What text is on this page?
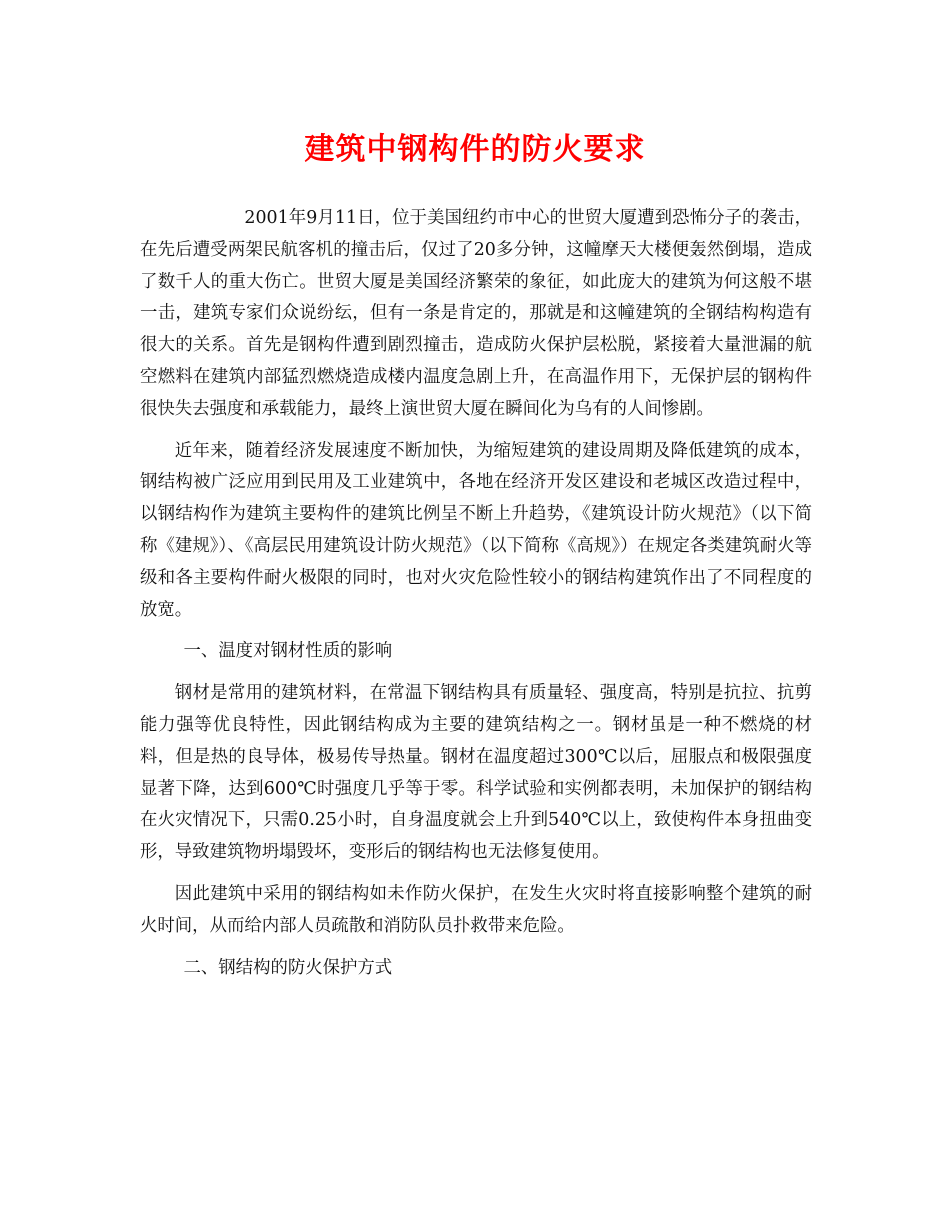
建筑中钢构件的防火要求

2001年9月11日，位于美国纽约市中心的世贸大厦遭到恐怖分子的袭击，在先后遭受两架民航客机的撞击后，仅过了20多分钟，这幢摩天大楼便轰然倒塌，造成了数千人的重大伤亡。世贸大厦是美国经济繁荣的象征，如此庞大的建筑为何这般不堪一击，建筑专家们众说纷纭，但有一条是肯定的，那就是和这幢建筑的全钢结构构造有很大的关系。首先是钢构件遭到剧烈撞击，造成防火保护层松脱，紧接着大量泄漏的航空燃料在建筑内部猛烈燃烧造成楼内温度急剧上升，在高温作用下，无保护层的钢构件很快失去强度和承载能力，最终上演世贸大厦在瞬间化为乌有的人间惨剧。

近年来，随着经济发展速度不断加快，为缩短建筑的建设周期及降低建筑的成本，钢结构被广泛应用到民用及工业建筑中，各地在经济开发区建设和老城区改造过程中，以钢结构作为建筑主要构件的建筑比例呈不断上升趋势，《建筑设计防火规范》（以下简称《建规》）、《高层民用建筑设计防火规范》（以下简称《高规》）在规定各类建筑耐火等级和各主要构件耐火极限的同时，也对火灾危险性较小的钢结构建筑作出了不同程度的放宽。

一、温度对钢材性质的影响

钢材是常用的建筑材料，在常温下钢结构具有质量轻、强度高，特别是抗拉、抗剪能力强等优良特性，因此钢结构成为主要的建筑结构之一。钢材虽是一种不燃烧的材料，但是热的良导体，极易传导热量。钢材在温度超过300℃以后，屈服点和极限强度显著下降，达到600℃时强度几乎等于零。科学试验和实例都表明，未加保护的钢结构在火灾情况下，只需0.25小时，自身温度就会上升到540℃以上，致使构件本身扭曲变形，导致建筑物坍塌毁坏，变形后的钢结构也无法修复使用。

因此建筑中采用的钢结构如未作防火保护，在发生火灾时将直接影响整个建筑的耐火时间，从而给内部人员疏散和消防队员扑救带来危险。

二、钢结构的防火保护方式
